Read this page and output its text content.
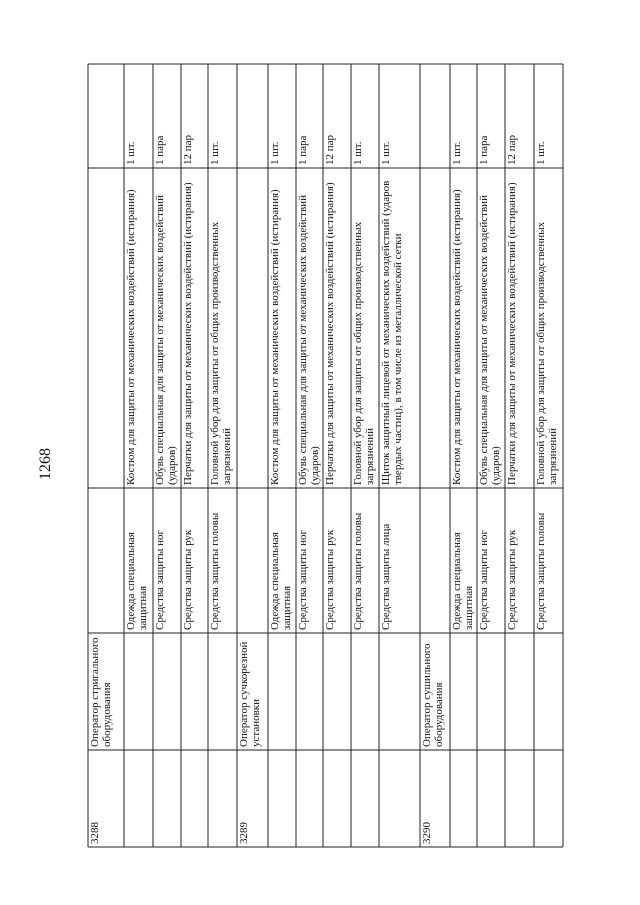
1268
3288
Оператор стригального оборудования
Одежда специальная защитная
Костюм для защиты от механических воздействий (истирания)
1 шт.
Средства защиты ног
Обувь специальная для защиты от механических воздействий (ударов)
1 пара
Средства защиты рук
Перчатки для защиты от механических воздействий (истирания)
12 пар
Средства защиты головы
Головной убор для защиты от общих производственных загрязнений
1 шт.
3289
Оператор сучкорезной установки
Одежда специальная защитная
Костюм для защиты от механических воздействий (истирания)
1 шт.
Средства защиты ног
Обувь специальная для защиты от механических воздействий (ударов)
1 пара
Средства защиты рук
Перчатки для защиты от механических воздействий (истирания)
12 пар
Средства защиты головы
Головной убор для защиты от общих производственных загрязнений
1 шт.
Средства защиты лица
Щиток защитный лицевой от механических воздействий (ударов твердых частиц), в том числе из металлической сетки
1 шт.
3290
Оператор сушильного оборудования
Одежда специальная защитная
Костюм для защиты от механических воздействий (истирания)
1 шт.
Средства защиты ног
Обувь специальная для защиты от механических воздействий (ударов)
1 пара
Средства защиты рук
Перчатки для защиты от механических воздействий (истирания)
12 пар
Средства защиты головы
Головной убор для защиты от общих производственных загрязнений
1 шт.
